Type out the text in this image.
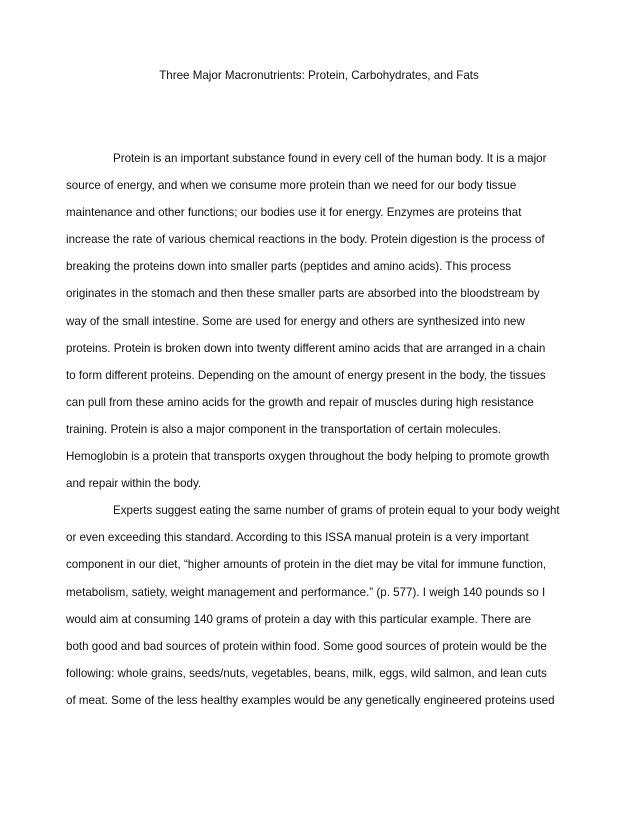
Three Major Macronutrients: Protein, Carbohydrates, and Fats
Protein is an important substance found in every cell of the human body. It is a major
source of energy, and when we consume more protein than we need for our body tissue
maintenance and other functions; our bodies use it for energy. Enzymes are proteins that
increase the rate of various chemical reactions in the body. Protein digestion is the process of
breaking the proteins down into smaller parts (peptides and amino acids). This process
originates in the stomach and then these smaller parts are absorbed into the bloodstream by
way of the small intestine. Some are used for energy and others are synthesized into new
proteins. Protein is broken down into twenty different amino acids that are arranged in a chain
to form different proteins. Depending on the amount of energy present in the body, the tissues
can pull from these amino acids for the growth and repair of muscles during high resistance
training. Protein is also a major component in the transportation of certain molecules.
Hemoglobin is a protein that transports oxygen throughout the body helping to promote growth
and repair within the body.
Experts suggest eating the same number of grams of protein equal to your body weight
or even exceeding this standard. According to this ISSA manual protein is a very important
component in our diet, “higher amounts of protein in the diet may be vital for immune function,
metabolism, satiety, weight management and performance.” (p. 577). I weigh 140 pounds so I
would aim at consuming 140 grams of protein a day with this particular example. There are
both good and bad sources of protein within food. Some good sources of protein would be the
following: whole grains, seeds/nuts, vegetables, beans, milk, eggs, wild salmon, and lean cuts
of meat. Some of the less healthy examples would be any genetically engineered proteins used
